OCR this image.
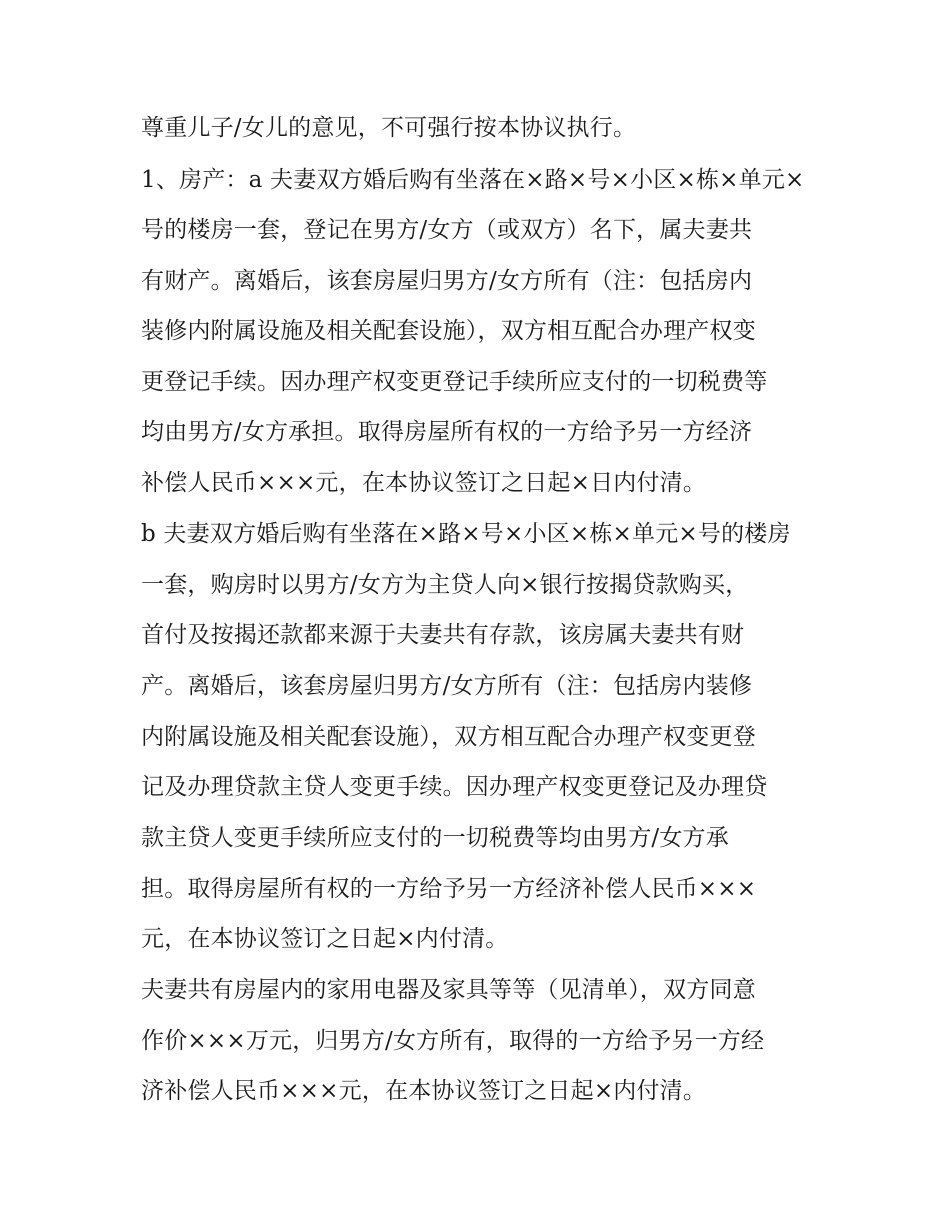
尊重儿子/女儿的意见，不可强行按本协议执行。
1、房产：a 夫妻双方婚后购有坐落在×路×号×小区×栋×单元×
号的楼房一套，登记在男方/女方（或双方）名下，属夫妻共
有财产。离婚后，该套房屋归男方/女方所有（注：包括房内
装修内附属设施及相关配套设施），双方相互配合办理产权变
更登记手续。因办理产权变更登记手续所应支付的一切税费等
均由男方/女方承担。取得房屋所有权的一方给予另一方经济
补偿人民币×××元，在本协议签订之日起×日内付清。
b 夫妻双方婚后购有坐落在×路×号×小区×栋×单元×号的楼房
一套，购房时以男方/女方为主贷人向×银行按揭贷款购买，
首付及按揭还款都来源于夫妻共有存款，该房属夫妻共有财
产。离婚后，该套房屋归男方/女方所有（注：包括房内装修
内附属设施及相关配套设施），双方相互配合办理产权变更登
记及办理贷款主贷人变更手续。因办理产权变更登记及办理贷
款主贷人变更手续所应支付的一切税费等均由男方/女方承
担。取得房屋所有权的一方给予另一方经济补偿人民币×××
元，在本协议签订之日起×内付清。
夫妻共有房屋内的家用电器及家具等等（见清单），双方同意
作价×××万元，归男方/女方所有，取得的一方给予另一方经
济补偿人民币×××元，在本协议签订之日起×内付清。
